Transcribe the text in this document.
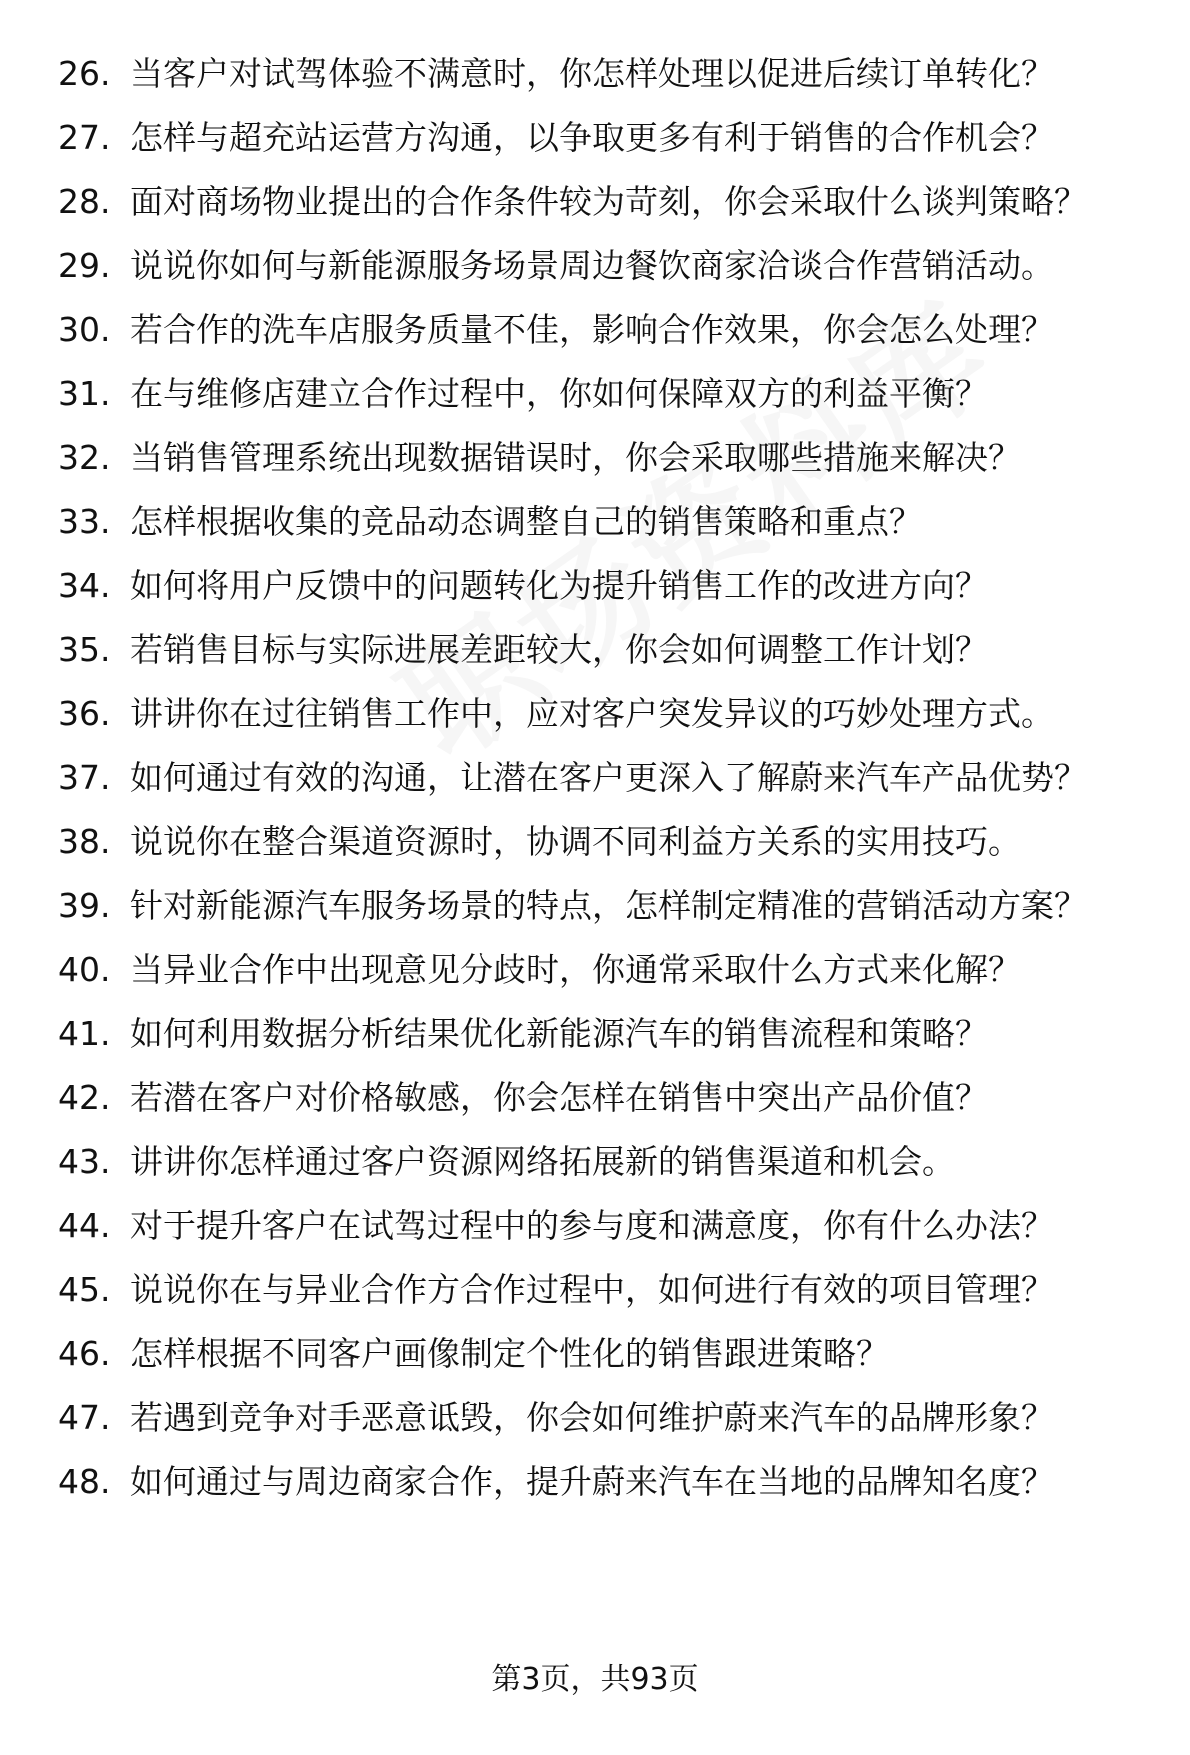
26. 当客户对试驾体验不满意时，你怎样处理以促进后续订单转化？
27. 怎样与超充站运营方沟通，以争取更多有利于销售的合作机会？
28. 面对商场物业提出的合作条件较为苛刻，你会采取什么谈判策略？
29. 说说你如何与新能源服务场景周边餐饮商家洽谈合作营销活动。
30. 若合作的洗车店服务质量不佳，影响合作效果，你会怎么处理？
31. 在与维修店建立合作过程中，你如何保障双方的利益平衡？
32. 当销售管理系统出现数据错误时，你会采取哪些措施来解决？
33. 怎样根据收集的竞品动态调整自己的销售策略和重点？
34. 如何将用户反馈中的问题转化为提升销售工作的改进方向？
35. 若销售目标与实际进展差距较大，你会如何调整工作计划？
36. 讲讲你在过往销售工作中，应对客户突发异议的巧妙处理方式。
37. 如何通过有效的沟通，让潜在客户更深入了解蔚来汽车产品优势？
38. 说说你在整合渠道资源时，协调不同利益方关系的实用技巧。
39. 针对新能源汽车服务场景的特点，怎样制定精准的营销活动方案？
40. 当异业合作中出现意见分歧时，你通常采取什么方式来化解？
41. 如何利用数据分析结果优化新能源汽车的销售流程和策略？
42. 若潜在客户对价格敏感，你会怎样在销售中突出产品价值？
43. 讲讲你怎样通过客户资源网络拓展新的销售渠道和机会。
44. 对于提升客户在试驾过程中的参与度和满意度，你有什么办法？
45. 说说你在与异业合作方合作过程中，如何进行有效的项目管理？
46. 怎样根据不同客户画像制定个性化的销售跟进策略？
47. 若遇到竞争对手恶意诋毁，你会如何维护蔚来汽车的品牌形象？
48. 如何通过与周边商家合作，提升蔚来汽车在当地的品牌知名度？
第3页，共93页
